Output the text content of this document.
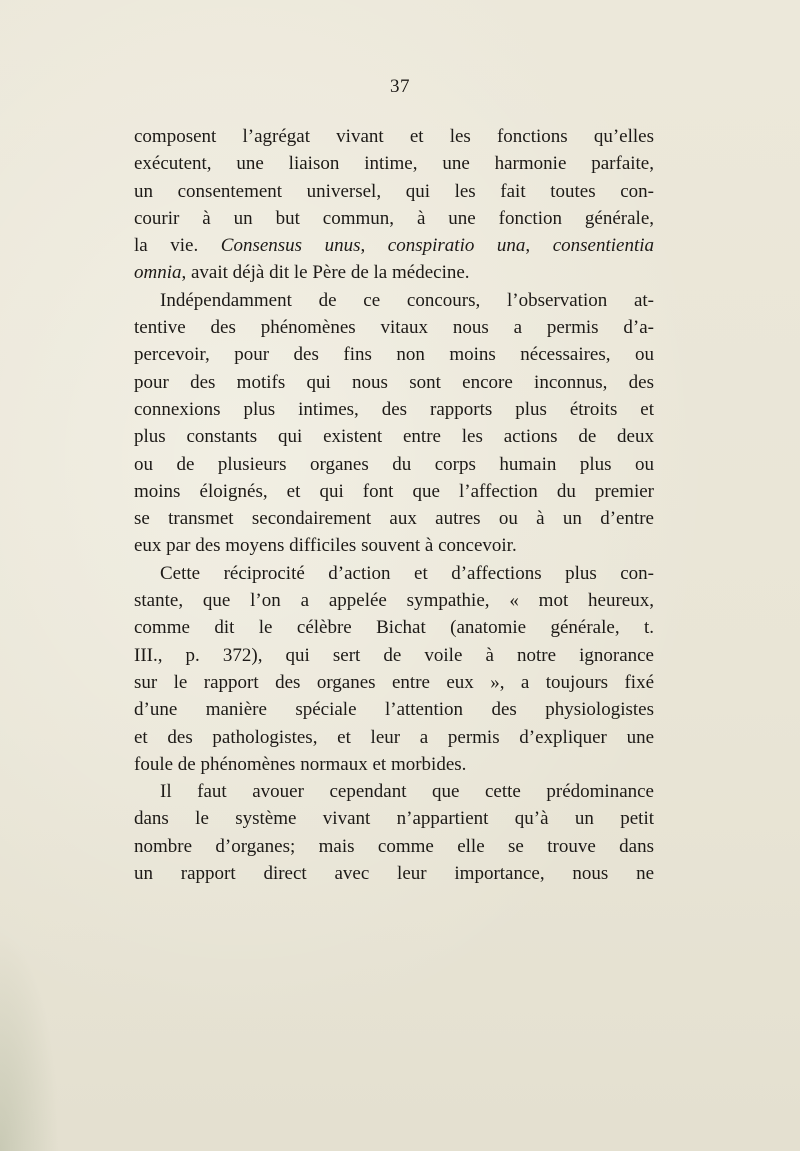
37
composent l’agrégat vivant et les fonctions qu’elles
exécutent, une liaison intime, une harmonie parfaite,
un consentement universel, qui les fait toutes con-
courir à un but commun, à une fonction générale,
la vie. Consensus unus, conspiratio una, consentientia
omnia, avait déjà dit le Père de la médecine.
Indépendamment de ce concours, l’observation at-
tentive des phénomènes vitaux nous a permis d’a-
percevoir, pour des fins non moins nécessaires, ou
pour des motifs qui nous sont encore inconnus, des
connexions plus intimes, des rapports plus étroits et
plus constants qui existent entre les actions de deux
ou de plusieurs organes du corps humain plus ou
moins éloignés, et qui font que l’affection du premier
se transmet secondairement aux autres ou à un d’entre
eux par des moyens difficiles souvent à concevoir.
Cette réciprocité d’action et d’affections plus con-
stante, que l’on a appelée sympathie, « mot heureux,
comme dit le célèbre Bichat (anatomie générale, t.
III., p. 372), qui sert de voile à notre ignorance
sur le rapport des organes entre eux », a toujours fixé
d’une manière spéciale l’attention des physiologistes
et des pathologistes, et leur a permis d’expliquer une
foule de phénomènes normaux et morbides.
Il faut avouer cependant que cette prédominance
dans le système vivant n’appartient qu’à un petit
nombre d’organes; mais comme elle se trouve dans
un rapport direct avec leur importance, nous ne
